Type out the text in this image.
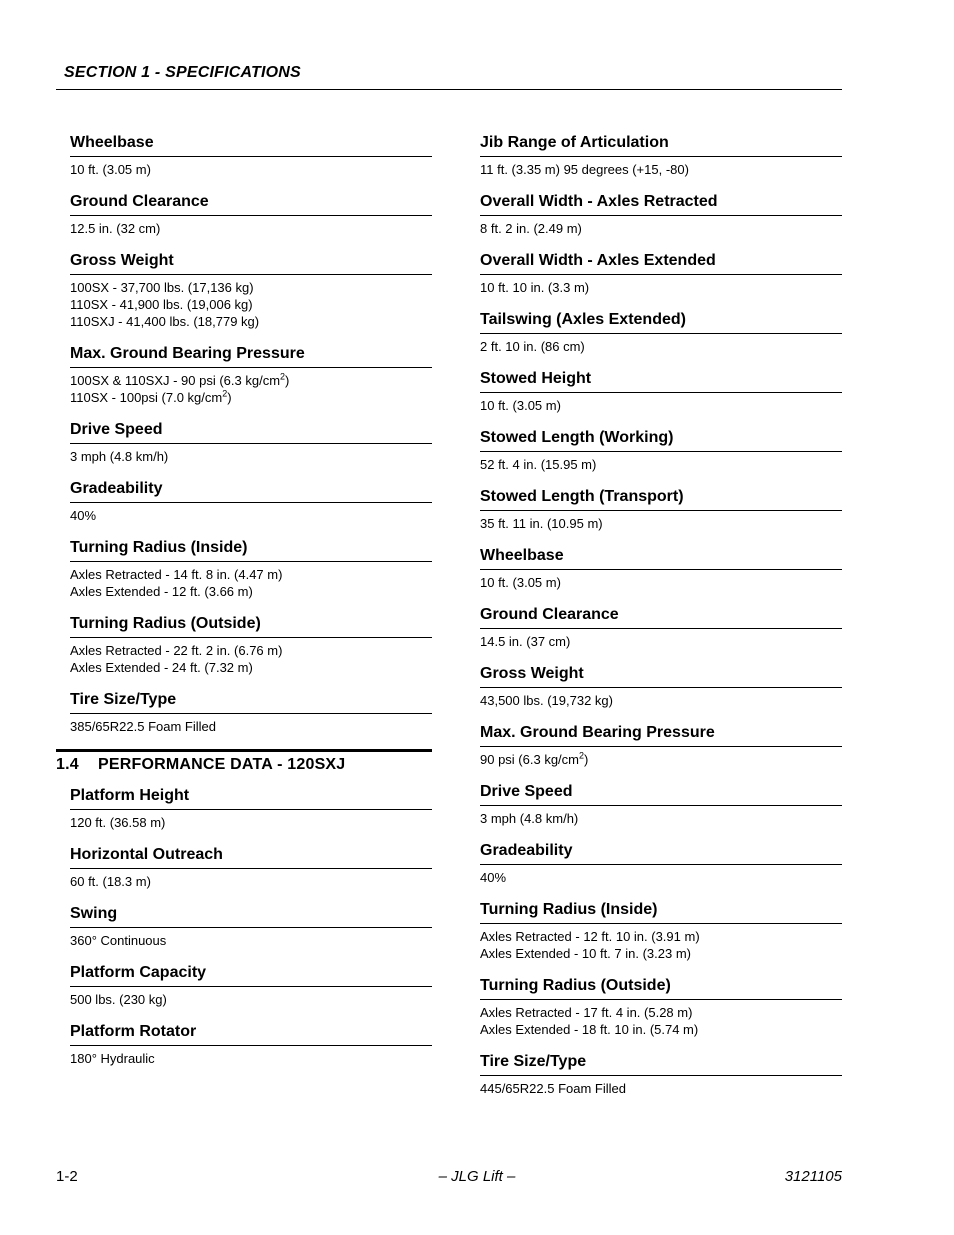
SECTION 1 - SPECIFICATIONS
Wheelbase
10 ft. (3.05 m)
Ground Clearance
12.5 in. (32 cm)
Gross Weight
100SX - 37,700 lbs. (17,136 kg)
110SX - 41,900 lbs. (19,006 kg)
110SXJ - 41,400 lbs. (18,779 kg)
Max. Ground Bearing Pressure
100SX & 110SXJ - 90 psi (6.3 $kg/cm^2$)
110SX - 100psi (7.0 $kg/cm^2$)
Drive Speed
3 mph (4.8 km/h)
Gradeability
40%
Turning Radius (Inside)
Axles Retracted - 14 ft. 8 in. (4.47 m)
Axles Extended - 12 ft. (3.66 m)
Turning Radius (Outside)
Axles Retracted - 22 ft. 2 in. (6.76 m)
Axles Extended - 24 ft. (7.32 m)
Tire Size/Type
385/65R22.5 Foam Filled
1.4 PERFORMANCE DATA - 120SXJ
Platform Height
120 ft. (36.58 m)
Horizontal Outreach
60 ft. (18.3 m)
Swing
360° Continuous
Platform Capacity
500 lbs. (230 kg)
Platform Rotator
180° Hydraulic
Jib Range of Articulation
11 ft. (3.35 m) 95 degrees (+15, -80)
Overall Width - Axles Retracted
8 ft. 2 in. (2.49 m)
Overall Width - Axles Extended
10 ft. 10 in. (3.3 m)
Tailswing (Axles Extended)
2 ft. 10 in. (86 cm)
Stowed Height
10 ft. (3.05 m)
Stowed Length (Working)
52 ft. 4 in. (15.95 m)
Stowed Length (Transport)
35 ft. 11 in. (10.95 m)
Wheelbase
10 ft. (3.05 m)
Ground Clearance
14.5 in. (37 cm)
Gross Weight
43,500 lbs. (19,732 kg)
Max. Ground Bearing Pressure
90 psi (6.3 $kg/cm^2$)
Drive Speed
3 mph (4.8 km/h)
Gradeability
40%
Turning Radius (Inside)
Axles Retracted - 12 ft. 10 in. (3.91 m)
Axles Extended - 10 ft. 7 in. (3.23 m)
Turning Radius (Outside)
Axles Retracted - 17 ft. 4 in. (5.28 m)
Axles Extended - 18 ft. 10 in. (5.74 m)
Tire Size/Type
445/65R22.5 Foam Filled
1-2	– JLG Lift –	3121105
